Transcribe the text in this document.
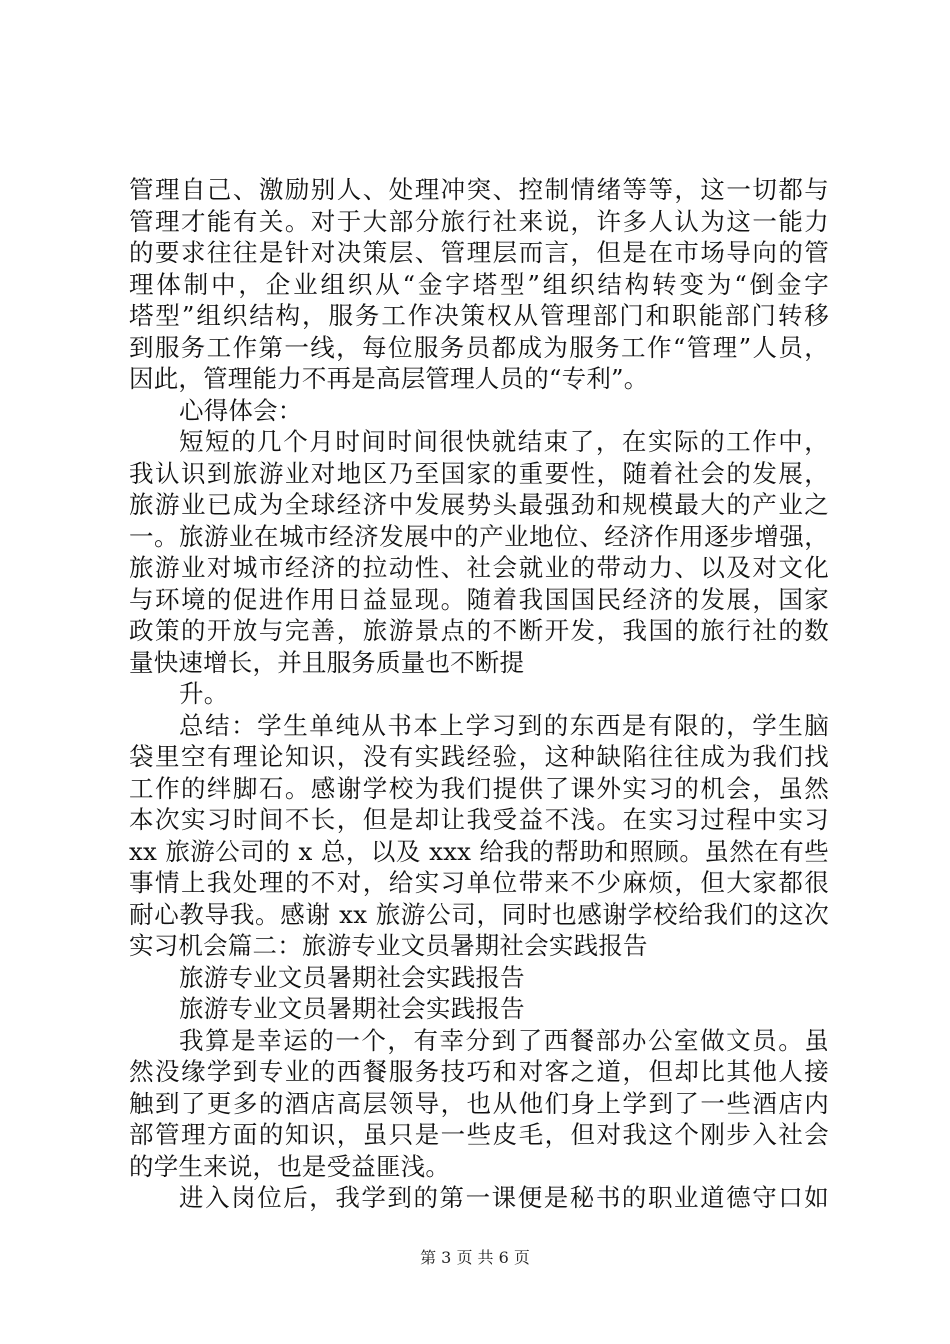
管理自己、激励别人、处理冲突、控制情绪等等，这一切都与
管理才能有关。对于大部分旅行社来说，许多人认为这一能力
的要求往往是针对决策层、管理层而言，但是在市场导向的管
理体制中，企业组织从“金字塔型”组织结构转变为“倒金字
塔型”组织结构，服务工作决策权从管理部门和职能部门转移
到服务工作第一线，每位服务员都成为服务工作“管理”人员，
因此，管理能力不再是高层管理人员的“专利”。
心得体会：
短短的几个月时间时间很快就结束了，在实际的工作中，
我认识到旅游业对地区乃至国家的重要性，随着社会的发展，
旅游业已成为全球经济中发展势头最强劲和规模最大的产业之
一。旅游业在城市经济发展中的产业地位、经济作用逐步增强，
旅游业对城市经济的拉动性、社会就业的带动力、以及对文化
与环境的促进作用日益显现。随着我国国民经济的发展，国家
政策的开放与完善，旅游景点的不断开发，我国的旅行社的数
量快速增长，并且服务质量也不断提
升。
总结：学生单纯从书本上学习到的东西是有限的，学生脑
袋里空有理论知识，没有实践经验，这种缺陷往往成为我们找
工作的绊脚石。感谢学校为我们提供了课外实习的机会，虽然
本次实习时间不长，但是却让我受益不浅。在实习过程中实习
xx 旅游公司的 x 总，以及 xxx 给我的帮助和照顾。虽然在有些
事情上我处理的不对，给实习单位带来不少麻烦，但大家都很
耐心教导我。感谢 xx 旅游公司，同时也感谢学校给我们的这次
实习机会篇二：旅游专业文员暑期社会实践报告
旅游专业文员暑期社会实践报告
旅游专业文员暑期社会实践报告
我算是幸运的一个，有幸分到了西餐部办公室做文员。虽
然没缘学到专业的西餐服务技巧和对客之道，但却比其他人接
触到了更多的酒店高层领导，也从他们身上学到了一些酒店内
部管理方面的知识，虽只是一些皮毛，但对我这个刚步入社会
的学生来说，也是受益匪浅。
进入岗位后，我学到的第一课便是秘书的职业道德守口如
第 3 页 共 6 页
